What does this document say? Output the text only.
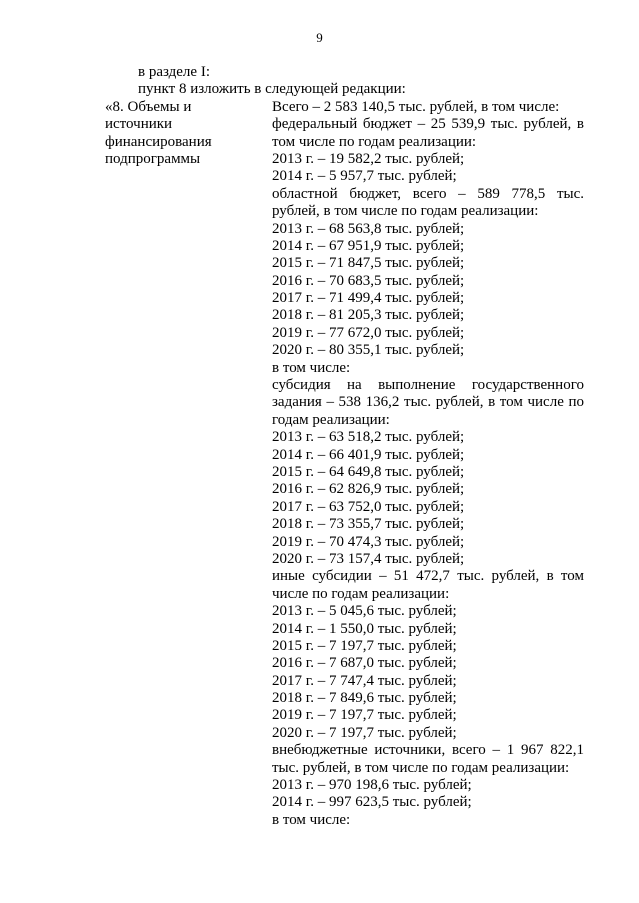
9
в разделе I:
пункт 8 изложить в следующей редакции:
«8. Объемы и
источники
финансирования
подпрограммы
Всего – 2 583 140,5 тыс. рублей, в том числе:
федеральный бюджет – 25 539,9 тыс. рублей, в
том числе по годам реализации:
2013 г. – 19 582,2 тыс. рублей;
2014 г. – 5 957,7 тыс. рублей;
областной бюджет, всего – 589 778,5 тыс.
рублей, в том числе по годам реализации:
2013 г. – 68 563,8 тыс. рублей;
2014 г. – 67 951,9 тыс. рублей;
2015 г. – 71 847,5 тыс. рублей;
2016 г. – 70 683,5 тыс. рублей;
2017 г. – 71 499,4 тыс. рублей;
2018 г. – 81 205,3 тыс. рублей;
2019 г. – 77 672,0 тыс. рублей;
2020 г. – 80 355,1 тыс. рублей;
в том числе:
субсидия на выполнение государственного
задания – 538 136,2 тыс. рублей, в том числе по
годам реализации:
2013 г. – 63 518,2 тыс. рублей;
2014 г. – 66 401,9 тыс. рублей;
2015 г. – 64 649,8 тыс. рублей;
2016 г. – 62 826,9 тыс. рублей;
2017 г. – 63 752,0 тыс. рублей;
2018 г. – 73 355,7 тыс. рублей;
2019 г. – 70 474,3 тыс. рублей;
2020 г. – 73 157,4 тыс. рублей;
иные субсидии – 51 472,7 тыс. рублей, в том
числе по годам реализации:
2013 г. – 5 045,6 тыс. рублей;
2014 г. – 1 550,0 тыс. рублей;
2015 г. – 7 197,7 тыс. рублей;
2016 г. – 7 687,0 тыс. рублей;
2017 г. – 7 747,4 тыс. рублей;
2018 г. – 7 849,6 тыс. рублей;
2019 г. – 7 197,7 тыс. рублей;
2020 г. – 7 197,7 тыс. рублей;
внебюджетные источники, всего – 1 967 822,1
тыс. рублей, в том числе по годам реализации:
2013 г. – 970 198,6 тыс. рублей;
2014 г. – 997 623,5 тыс. рублей;
в том числе:
